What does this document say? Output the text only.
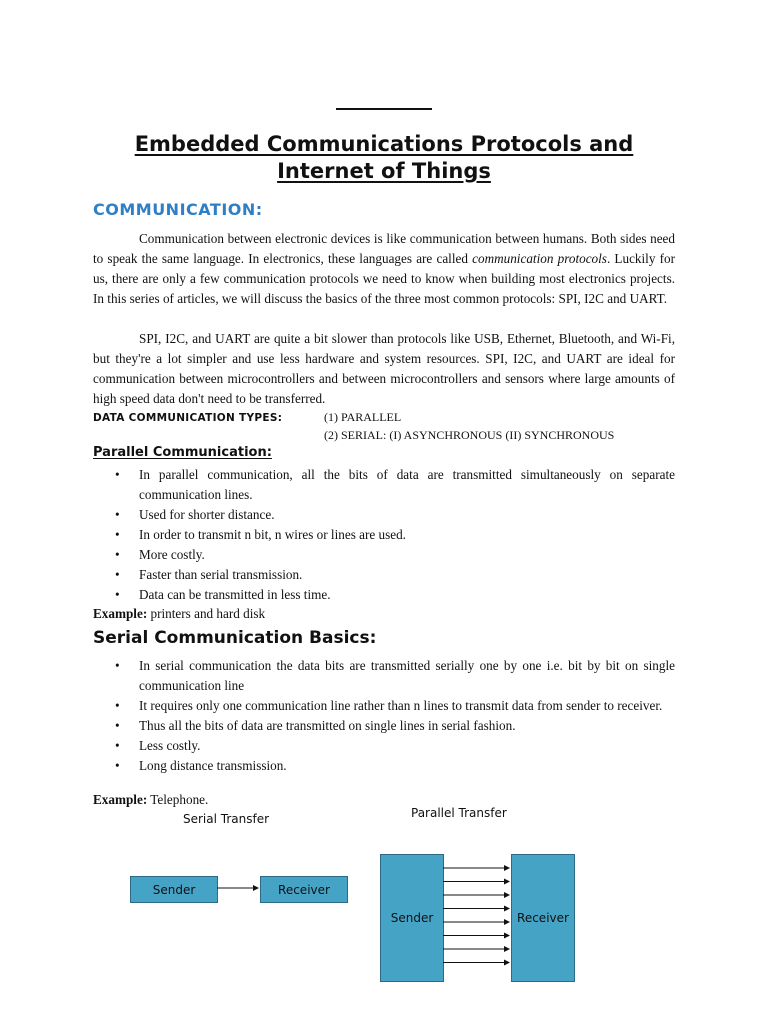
Embedded Communications Protocols and
Internet of Things
COMMUNICATION:

Communication between electronic devices is like communication between humans. Both sides need to speak the same language. In electronics, these languages are called communication protocols. Luckily for us, there are only a few communication protocols we need to know when building most electronics projects. In this series of articles, we will discuss the basics of the three most common protocols: SPI, I2C and UART.

SPI, I2C, and UART are quite a bit slower than protocols like USB, Ethernet, Bluetooth, and Wi-Fi, but they're a lot simpler and use less hardware and system resources. SPI, I2C, and UART are ideal for communication between microcontrollers and between microcontrollers and sensors where large amounts of high speed data don't need to be transferred.

DATA COMMUNICATION TYPES:	(1) PARALLEL
(2) SERIAL: (I) ASYNCHRONOUS (II) SYNCHRONOUS
Parallel Communication:
• In parallel communication, all the bits of data are transmitted simultaneously on separate communication lines.
• Used for shorter distance.
• In order to transmit n bit, n wires or lines are used.
• More costly.
• Faster than serial transmission.
• Data can be transmitted in less time.

Example: printers and hard disk

Serial Communication Basics:
• In serial communication the data bits are transmitted serially one by one i.e. bit by bit on single communication line
• It requires only one communication line rather than n lines to transmit data from sender to receiver.
• Thus all the bits of data are transmitted on single lines in serial fashion.
• Less costly.
• Long distance transmission.

Example: Telephone.

Serial Transfer	Parallel Transfer
Sender	Receiver
Sender	Receiver
